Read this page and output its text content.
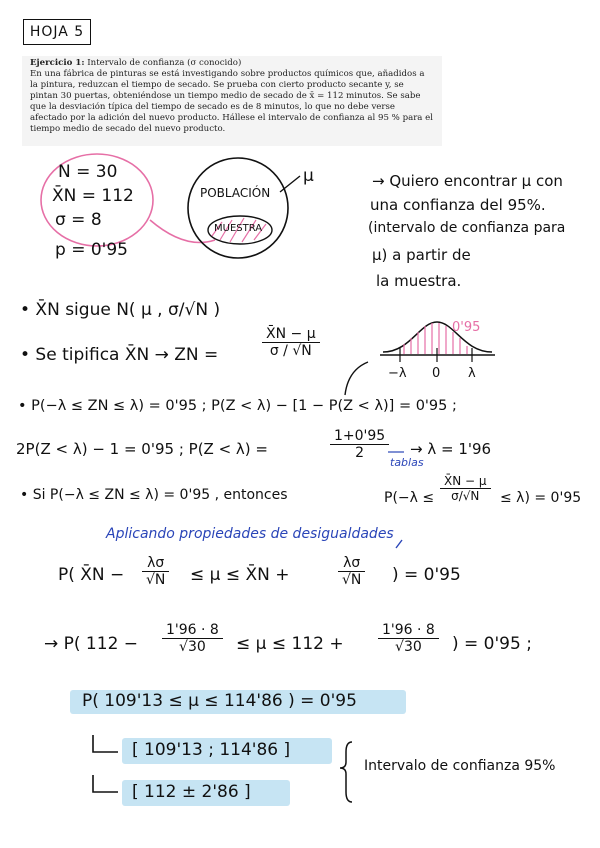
HOJA 5
Ejercicio 1: Intervalo de confianza (σ conocido)
En una fábrica de pinturas se está investigando sobre productos químicos que, añadidos a la pintura, reduzcan el tiempo de secado. Se prueba con cierto producto secante y, se pintan 30 puertas, obteniéndose un tiempo medio de secado de x̄ = 112 minutos. Se sabe que la desviación típica del tiempo de secado es de 8 minutos, lo que no debe verse afectado por la adición del nuevo producto. Hállese el intervalo de confianza al 95 % para el tiempo medio de secado del nuevo producto.
N = 30
X̄N = 112
σ = 8
p = 0'95
POBLACIÓN
MUESTRA
μ	→ Quiero encontrar μ con
una confianza del 95%.
(intervalo de confianza para
μ) a partir de
la muestra.
• X̄N sigue N( μ , σ/√N )
• Se tipifica X̄N → ZN =	$\frac{X̄N - \mu}{\sigma / √N}$	0'95
−λ 0 λ
• P(−λ ≤ ZN ≤ λ) = 0'95 ; P(Z < λ) − [1 − P(Z < λ)] = 0'95 ;
2P(Z < λ) − 1 = 0'95 ; P(Z < λ) =	$\frac{1+0'95}{2} \to \lambda = 1'96$
tablas
• Si P(−λ ≤ ZN ≤ λ) = 0'95 , entonces	$P(-\lambda \le \frac{X̄N - \mu}{\sigma/√N} \le \lambda) = 0'95$
Aplicando propiedades de desigualdades
P( X̄N − $\frac{\lambda\sigma}{√N} \le \mu$ ≤ X̄N +	$\frac{\lambda\sigma}{√N}$ ) = 0'95
→ P( $112 - \frac{1'96 \cdot 8}{√30} \le \mu \le 112 + \frac{1'96 \cdot 8}{√30}$ ) = 0'95 ;
P( 109'13 ≤ μ ≤ 114'86 ) = 0'95
[ 109'13 ; 114'86 ]
[ 112 ± 2'86 ]
Intervalo de confianza 95%
